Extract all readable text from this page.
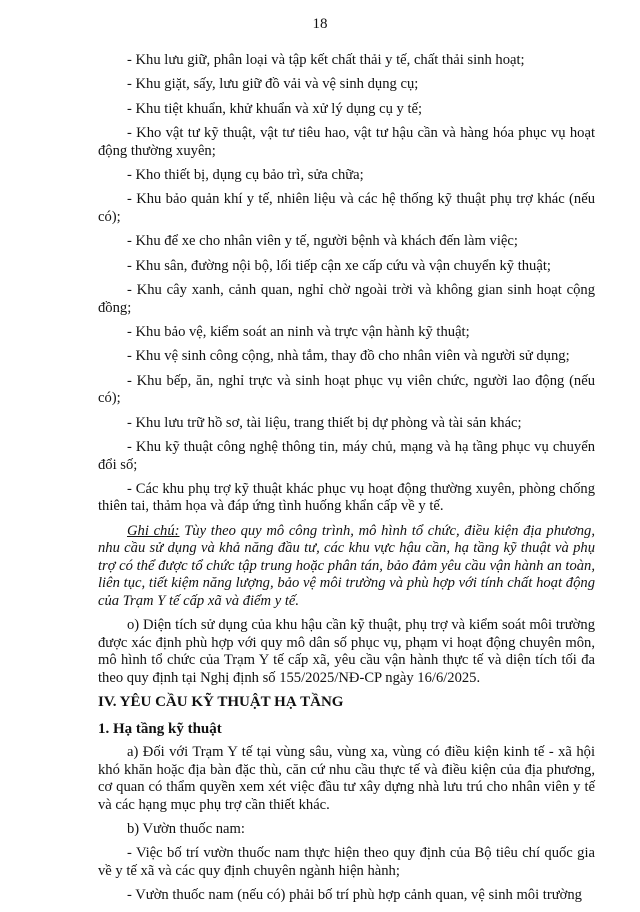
18

- Khu lưu giữ, phân loại và tập kết chất thải y tế, chất thải sinh hoạt;

- Khu giặt, sấy, lưu giữ đồ vải và vệ sinh dụng cụ;

- Khu tiệt khuẩn, khử khuẩn và xử lý dụng cụ y tế;

- Kho vật tư kỹ thuật, vật tư tiêu hao, vật tư hậu cần và hàng hóa phục vụ hoạt động thường xuyên;

- Kho thiết bị, dụng cụ bảo trì, sửa chữa;

- Khu bảo quản khí y tế, nhiên liệu và các hệ thống kỹ thuật phụ trợ khác (nếu có);

- Khu để xe cho nhân viên y tế, người bệnh và khách đến làm việc;

- Khu sân, đường nội bộ, lối tiếp cận xe cấp cứu và vận chuyển kỹ thuật;

- Khu cây xanh, cảnh quan, nghỉ chờ ngoài trời và không gian sinh hoạt cộng đồng;

- Khu bảo vệ, kiểm soát an ninh và trực vận hành kỹ thuật;

- Khu vệ sinh công cộng, nhà tắm, thay đồ cho nhân viên và người sử dụng;

- Khu bếp, ăn, nghỉ trực và sinh hoạt phục vụ viên chức, người lao động (nếu có);

- Khu lưu trữ hồ sơ, tài liệu, trang thiết bị dự phòng và tài sản khác;

- Khu kỹ thuật công nghệ thông tin, máy chủ, mạng và hạ tầng phục vụ chuyển đổi số;

- Các khu phụ trợ kỹ thuật khác phục vụ hoạt động thường xuyên, phòng chống thiên tai, thảm họa và đáp ứng tình huống khẩn cấp về y tế.

Ghi chú: Tùy theo quy mô công trình, mô hình tổ chức, điều kiện địa phương, nhu cầu sử dụng và khả năng đầu tư, các khu vực hậu cần, hạ tầng kỹ thuật và phụ trợ có thể được tổ chức tập trung hoặc phân tán, bảo đảm yêu cầu vận hành an toàn, liên tục, tiết kiệm năng lượng, bảo vệ môi trường và phù hợp với tính chất hoạt động của Trạm Y tế cấp xã và điểm y tế.

o) Diện tích sử dụng của khu hậu cần kỹ thuật, phụ trợ và kiểm soát môi trường được xác định phù hợp với quy mô dân số phục vụ, phạm vi hoạt động chuyên môn, mô hình tổ chức của Trạm Y tế cấp xã, yêu cầu vận hành thực tế và diện tích tối đa theo quy định tại Nghị định số 155/2025/NĐ-CP ngày 16/6/2025.

IV. YÊU CẦU KỸ THUẬT HẠ TẦNG

1. Hạ tầng kỹ thuật

a) Đối với Trạm Y tế tại vùng sâu, vùng xa, vùng có điều kiện kinh tế - xã hội khó khăn hoặc địa bàn đặc thù, căn cứ nhu cầu thực tế và điều kiện của địa phương, cơ quan có thẩm quyền xem xét việc đầu tư xây dựng nhà lưu trú cho nhân viên y tế và các hạng mục phụ trợ cần thiết khác.

b) Vườn thuốc nam:

- Việc bố trí vườn thuốc nam thực hiện theo quy định của Bộ tiêu chí quốc gia về y tế xã và các quy định chuyên ngành hiện hành;

- Vườn thuốc nam (nếu có) phải bố trí phù hợp cảnh quan, vệ sinh môi trường
